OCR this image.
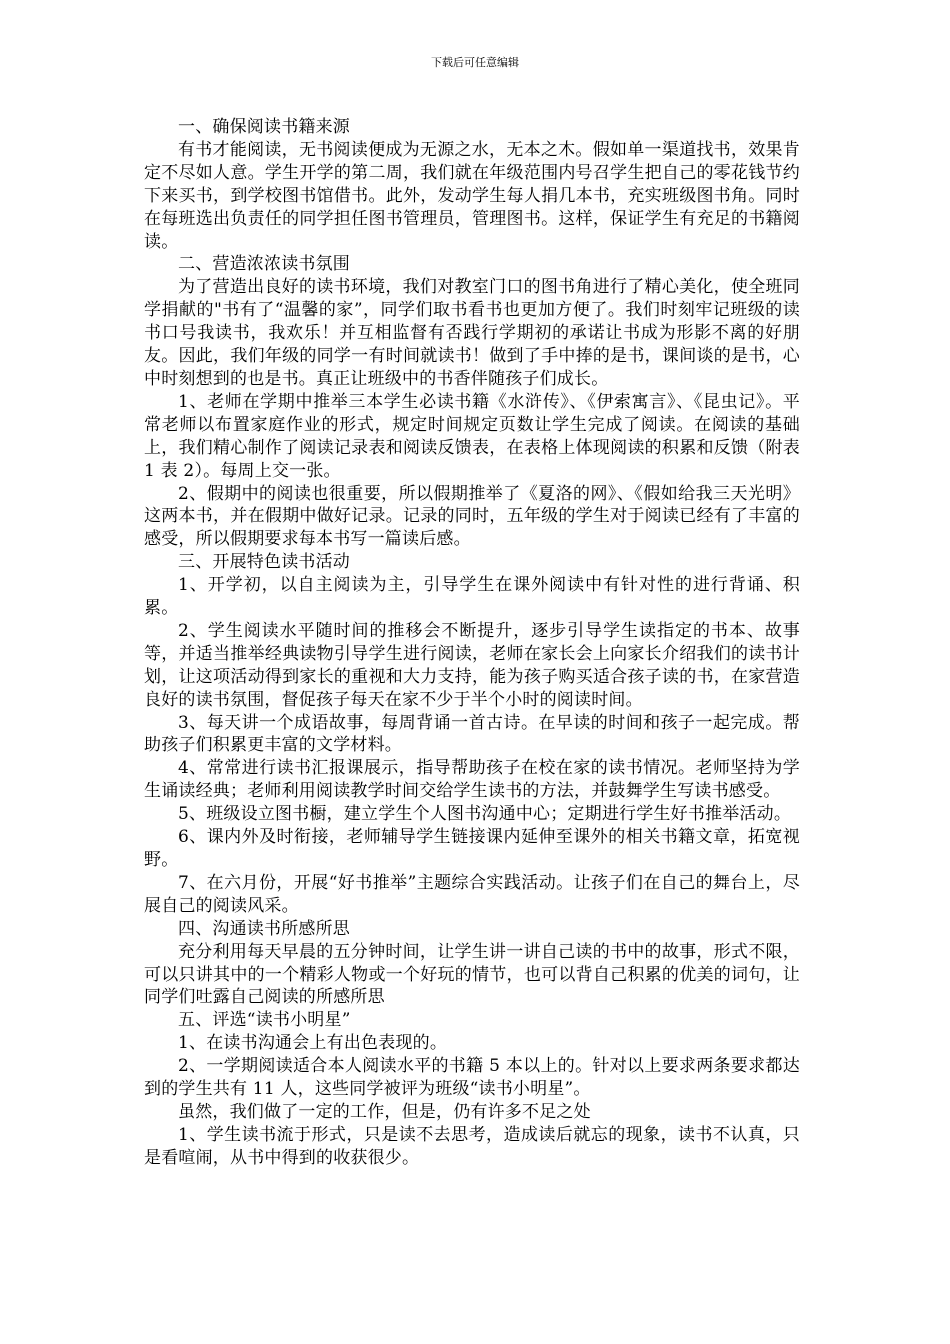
下载后可任意编辑

一、确保阅读书籍来源

有书才能阅读，无书阅读便成为无源之水，无本之木。假如单一渠道找书，效果肯定不尽如人意。学生开学的第二周，我们就在年级范围内号召学生把自己的零花钱节约下来买书，到学校图书馆借书。此外，发动学生每人捐几本书，充实班级图书角。同时在每班选出负责任的同学担任图书管理员，管理图书。这样，保证学生有充足的书籍阅读。

二、营造浓浓读书氛围

为了营造出良好的读书环境，我们对教室门口的图书角进行了精心美化，使全班同学捐献的"书有了“温馨的家”，同学们取书看书也更加方便了。我们时刻牢记班级的读书口号我读书，我欢乐！并互相监督有否践行学期初的承诺让书成为形影不离的好朋友。因此，我们年级的同学一有时间就读书！做到了手中捧的是书，课间谈的是书，心中时刻想到的也是书。真正让班级中的书香伴随孩子们成长。

1、老师在学期中推举三本学生必读书籍《水浒传》、《伊索寓言》、《昆虫记》。平常老师以布置家庭作业的形式，规定时间规定页数让学生完成了阅读。在阅读的基础上，我们精心制作了阅读记录表和阅读反馈表，在表格上体现阅读的积累和反馈（附表 1 表 2）。每周上交一张。

2、假期中的阅读也很重要，所以假期推举了《夏洛的网》、《假如给我三天光明》这两本书，并在假期中做好记录。记录的同时，五年级的学生对于阅读已经有了丰富的感受，所以假期要求每本书写一篇读后感。

三、开展特色读书活动

1、开学初，以自主阅读为主，引导学生在课外阅读中有针对性的进行背诵、积累。

2、学生阅读水平随时间的推移会不断提升，逐步引导学生读指定的书本、故事等，并适当推举经典读物引导学生进行阅读，老师在家长会上向家长介绍我们的读书计划，让这项活动得到家长的重视和大力支持，能为孩子购买适合孩子读的书，在家营造良好的读书氛围，督促孩子每天在家不少于半个小时的阅读时间。

3、每天讲一个成语故事，每周背诵一首古诗。在早读的时间和孩子一起完成。帮助孩子们积累更丰富的文学材料。

4、常常进行读书汇报课展示，指导帮助孩子在校在家的读书情况。老师坚持为学生诵读经典；老师利用阅读教学时间交给学生读书的方法，并鼓舞学生写读书感受。

5、班级设立图书橱，建立学生个人图书沟通中心；定期进行学生好书推举活动。

6、课内外及时衔接，老师辅导学生链接课内延伸至课外的相关书籍文章，拓宽视野。

7、在六月份，开展“好书推举”主题综合实践活动。让孩子们在自己的舞台上，尽展自己的阅读风采。

四、沟通读书所感所思

充分利用每天早晨的五分钟时间，让学生讲一讲自己读的书中的故事，形式不限，可以只讲其中的一个精彩人物或一个好玩的情节，也可以背自己积累的优美的词句，让同学们吐露自己阅读的所感所思

五、评选“读书小明星”

1、在读书沟通会上有出色表现的。

2、一学期阅读适合本人阅读水平的书籍 5 本以上的。针对以上要求两条要求都达到的学生共有 11 人，这些同学被评为班级“读书小明星”。

虽然，我们做了一定的工作，但是，仍有许多不足之处

1、学生读书流于形式，只是读不去思考，造成读后就忘的现象，读书不认真，只是看喧闹，从书中得到的收获很少。
